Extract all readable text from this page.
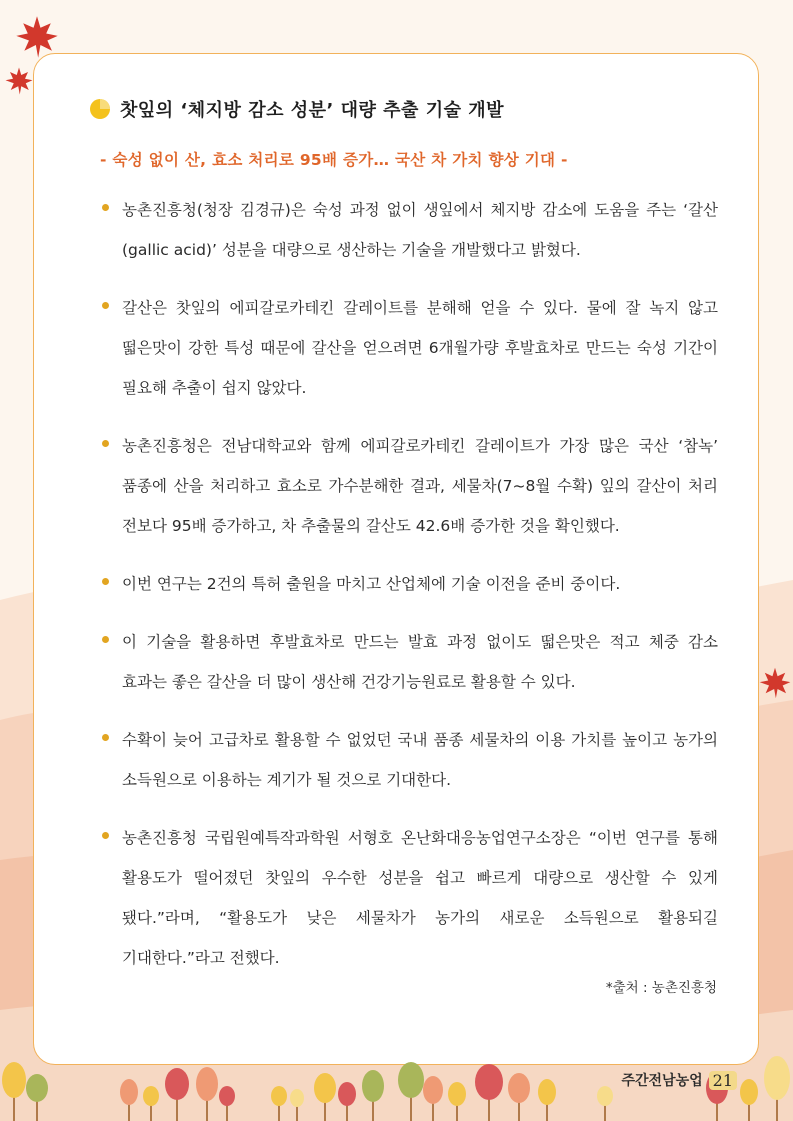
찻잎의 ‘체지방 감소 성분’ 대량 추출 기술 개발
- 숙성 없이 산, 효소 처리로 95배 증가… 국산 차 가치 향상 기대 -
농촌진흥청(청장 김경규)은 숙성 과정 없이 생잎에서 체지방 감소에 도움을 주는 ‘갈산(gallic acid)’ 성분을 대량으로 생산하는 기술을 개발했다고 밝혔다.
갈산은 찻잎의 에피갈로카테킨 갈레이트를 분해해 얻을 수 있다. 물에 잘 녹지 않고 떫은맛이 강한 특성 때문에 갈산을 얻으려면 6개월가량 후발효차로 만드는 숙성 기간이 필요해 추출이 쉽지 않았다.
농촌진흥청은 전남대학교와 함께 에피갈로카테킨 갈레이트가 가장 많은 국산 ‘참녹’ 품종에 산을 처리하고 효소로 가수분해한 결과, 세물차(7~8월 수확) 잎의 갈산이 처리 전보다 95배 증가하고, 차 추출물의 갈산도 42.6배 증가한 것을 확인했다.
이번 연구는 2건의 특허 출원을 마치고 산업체에 기술 이전을 준비 중이다.
이 기술을 활용하면 후발효차로 만드는 발효 과정 없이도 떫은맛은 적고 체중 감소 효과는 좋은 갈산을 더 많이 생산해 건강기능원료로 활용할 수 있다.
수확이 늦어 고급차로 활용할 수 없었던 국내 품종 세물차의 이용 가치를 높이고 농가의 소득원으로 이용하는 계기가 될 것으로 기대한다.
농촌진흥청 국립원예특작과학원 서형호 온난화대응농업연구소장은 “이번 연구를 통해 활용도가 떨어졌던 찻잎의 우수한 성분을 쉽고 빠르게 대량으로 생산할 수 있게 됐다.”라며, “활용도가 낮은 세물차가 농가의 새로운 소득원으로 활용되길 기대한다.”라고 전했다.
*출처 : 농촌진흥청
주간전남농업 21
